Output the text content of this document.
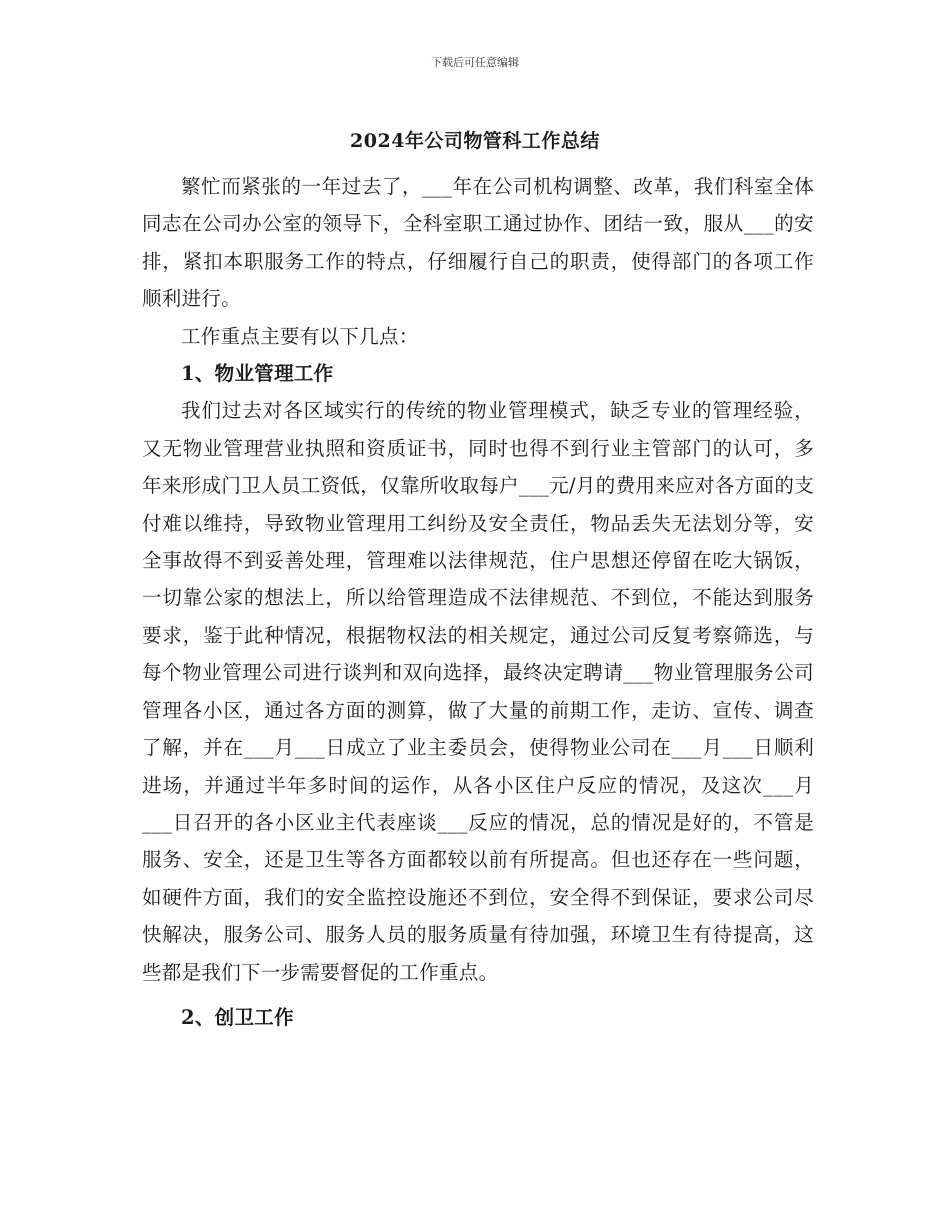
下载后可任意编辑
2024年公司物管科工作总结

繁忙而紧张的一年过去了，___年在公司机构调整、改革，我们科室全体同志在公司办公室的领导下，全科室职工通过协作、团结一致，服从___的安排，紧扣本职服务工作的特点，仔细履行自己的职责，使得部门的各项工作顺利进行。

工作重点主要有以下几点：

1、物业管理工作

我们过去对各区域实行的传统的物业管理模式，缺乏专业的管理经验，又无物业管理营业执照和资质证书，同时也得不到行业主管部门的认可，多年来形成门卫人员工资低，仅靠所收取每户___元/月的费用来应对各方面的支付难以维持，导致物业管理用工纠纷及安全责任，物品丢失无法划分等，安全事故得不到妥善处理，管理难以法律规范，住户思想还停留在吃大锅饭，一切靠公家的想法上，所以给管理造成不法律规范、不到位，不能达到服务要求，鉴于此种情况，根据物权法的相关规定，通过公司反复考察筛选，与每个物业管理公司进行谈判和双向选择，最终决定聘请___物业管理服务公司管理各小区，通过各方面的测算，做了大量的前期工作，走访、宣传、调查了解，并在___月___日成立了业主委员会，使得物业公司在___月___日顺利进场，并通过半年多时间的运作，从各小区住户反应的情况，及这次___月___日召开的各小区业主代表座谈___反应的情况，总的情况是好的，不管是服务、安全，还是卫生等各方面都较以前有所提高。但也还存在一些问题，如硬件方面，我们的安全监控设施还不到位，安全得不到保证，要求公司尽快解决，服务公司、服务人员的服务质量有待加强，环境卫生有待提高，这些都是我们下一步需要督促的工作重点。

2、创卫工作
